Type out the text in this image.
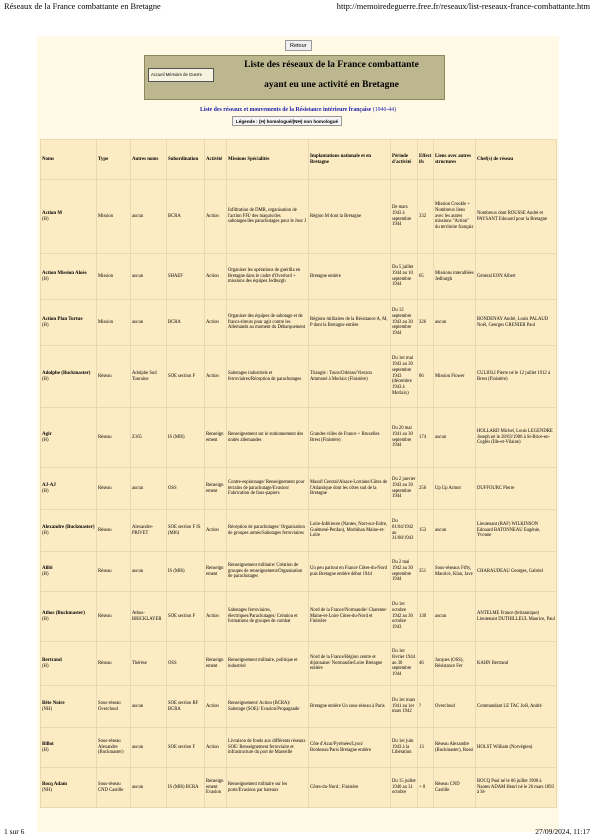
Réseaux de la France combattante en Bretagne	http://memoiredeguerre.free.fr/reseaux/list-reseaux-france-combattante.htm
Retour
Accueil Mémoire de Guerre
Liste des réseaux de la France combattante
ayant eu une activité en Bretagne
Liste des réseaux et mouvements de la Résistance intérieure française (1940-44)
Légende : (H) homologué/(NH) non homologué
Noms	Type	Autres noms	Subordination	Activité	Missions Spécialités	Implantations nationale et en Bretagne	Période d'activité	Effectifs	Liens avec autres structures	Chef(s) de réseau
Action M
(H)	Mission	aucun	BCRA	Action	Infiltration de DMR, organisation de l'action FFI/ des maquis/des sabotages/des parachutages pour le Jour J	Région M dont la Bretagne	De mars 1943 à septembre 1944	332	Mission Crookle + Nombreux liens avec les autres missions "Action" du territoire français	Nombreux dont ROUSSE André et PAYSANT Edouard pour la Bretagne
Action Mission Aloès
(H)	Mission	aucun	SHAEF	Action	Organiser les opérations de guérilla en Bretagne dans le cadre d'Overlord + missions des équipes Jedburgh	Bretagne entière	Du 5 juillet 1944 au 10 septembre 1944	65	Missions interalliées Jedburgh	Général EON Albert
Action Plan Tortue
(H)	Mission	aucun	BCRA	Action	Organiser des équipes de sabotage et de francs-tireurs pour agir contre les Allemands au moment du Débarquement	Régions militaires de la Résistance A, M, P dont la Bretagne entière	Du 12 septembre 1943 au 30 septembre 1944	326	aucun	RONDENAY André, Louis PALAUD Noël, Georges GRENIER Paul
Adolphe (Buckmaster)
(H)	Réseau	Adolphe Sud Touraine	SOE section F	Action	Sabotages industriels et ferroviaires/Réception de parachutages	Triangle : Tours/Orléans/Vierzon Ammoné à Morlaix (Finistère)	Du 1er mai 1943 au 30 septembre 1943 (décembre 1943 à Morlaix)	86	Mission Flower	CULIOLI Pierre né le 12 juillet 1912 à Brest (Finistère)
Agir
(H)	Réseau	Z165	IS (MI6)	Renseignement	Renseignement sur le stationnement des unités allemandes	Grandes villes de France + Bruxelles Brest (Finistère)	Du 20 mai 1941 au 30 septembre 1944	174	aucun	HOLLARD Michel, Louis LEGENDRE Joseph né le 28/03/1906 à St-Brice-en-Coglès (Ille-et-Vilaine)
AJ-AJ
(H)	Réseau	aucun	OSS	Renseignement	Contre-espionnage/ Renseignement pour terrains de parachutage/Evasion/ Fabrication de faux-papiers	Massif Central/Alsace-Lorraine/Côtes de l'Atlantique dont les côtes sud de la Bretagne	Du 2 janvier 1943 au 30 septembre 1944	256	Up Up Armor	DUFFOURC Pierre
Alexandre (Buckmaster)
(H)	Réseau	Alexandre-PRIVET	SOE section F IS (MI6)	Action	Réception de parachutages/ Organisation de groupes armés/Sabotages ferroviaires	Loire-Inférieure (Nantes, Nort-sur-Erdre, Guémené-Penfao), Morbihan Maine-et-Loire	Du 01/04/1942 au 31/08/1943	153	aucun	Lieutenant (RAF) WILKINSON Edouard BATONNEAU Eugénie, Yvonne
Alibi
(H)	Réseau	aucun	IS (MI6)	Renseignement	Renseignement militaire/ Création de groupes de renseignement/Organisation de parachutages	Un peu partout en France Côtes-du-Nord puis Bretagne entière début 1944	Du 2 mai 1942 au 30 septembre 1944	351	Sous-réseaux Fifty, Maurice, Klan, Jave	CHARAUDEAU Georges, Gabriel
Athos (Buckmaster)
(H)	Réseau	Athos-BRICKLAYER	SOE section F	Action	Sabotages ferroviaires, électriques/Parachutages/ Création et formations de groupes de combat	Nord de la France/Normandie/ Charente/ Maine-et-Loire Côtes-du-Nord et Finistère	Du 1er octobre 1942 au 30 octobre 1943	130	aucun	ANTELME France (britannique) Lieutenant DUTHILLEUL Maurice, Paul
Bertrand
(H)	Réseau	Thérèse	OSS	Renseignement	Renseignement militaire, politique et industriel	Nord de la France/Région centre et dijonnaise/ Normandie/Loire Bretagne entière	Du 1er février 1944 au 30 septembre 1944	46	Jacques (OSS), Résistance Fer	KAHN Bertrand
Bête Noire
(NH)	Sous-réseau Overcloud	aucun	SOE section RF BCRA	Action	Renseignement/ Action (BCRA)/ Sabotage (SOE)/ Evasion/Propagande	Bretagne entière Un sous-réseau à Paris	Du 1er mars 1941 au 1er mars 1942	?	Overcloud	Commandant LE TAC Joël, André
Billot
(H)	Sous-réseau Alexandre (Buckmaster)	aucun	SOE section F	Action	Livraison de fonds aux différents réseaux SOE/ Renseignement ferroviaire et infrastructure du port de Marseille	Côte d'Azur/Pyrénées/Lyon/ Bordeaux/Paris Bretagne entière	Du 1er juin 1943 à la Libération	13	Réseau Alexandre (Buckmaster), Rossi	HOLST William (Norvégien)
Bocq Adam
(NH)	Sous-réseau CND Castille	aucun	IS (MI6) BCRA	Renseignement Evasion	Renseignement militaire sur les ports/Evasions par bateaux	Côtes-du-Nord ; Finistère	Du 15 juillet 1940 au 31 octobre	+ 8	Réseau CND Castille	BOCQ Paul né le 06 juillet 1900 à Nantes ADAM Henri né le 26 mars 1893 à St-
1 sur 6	27/09/2024, 11:17
